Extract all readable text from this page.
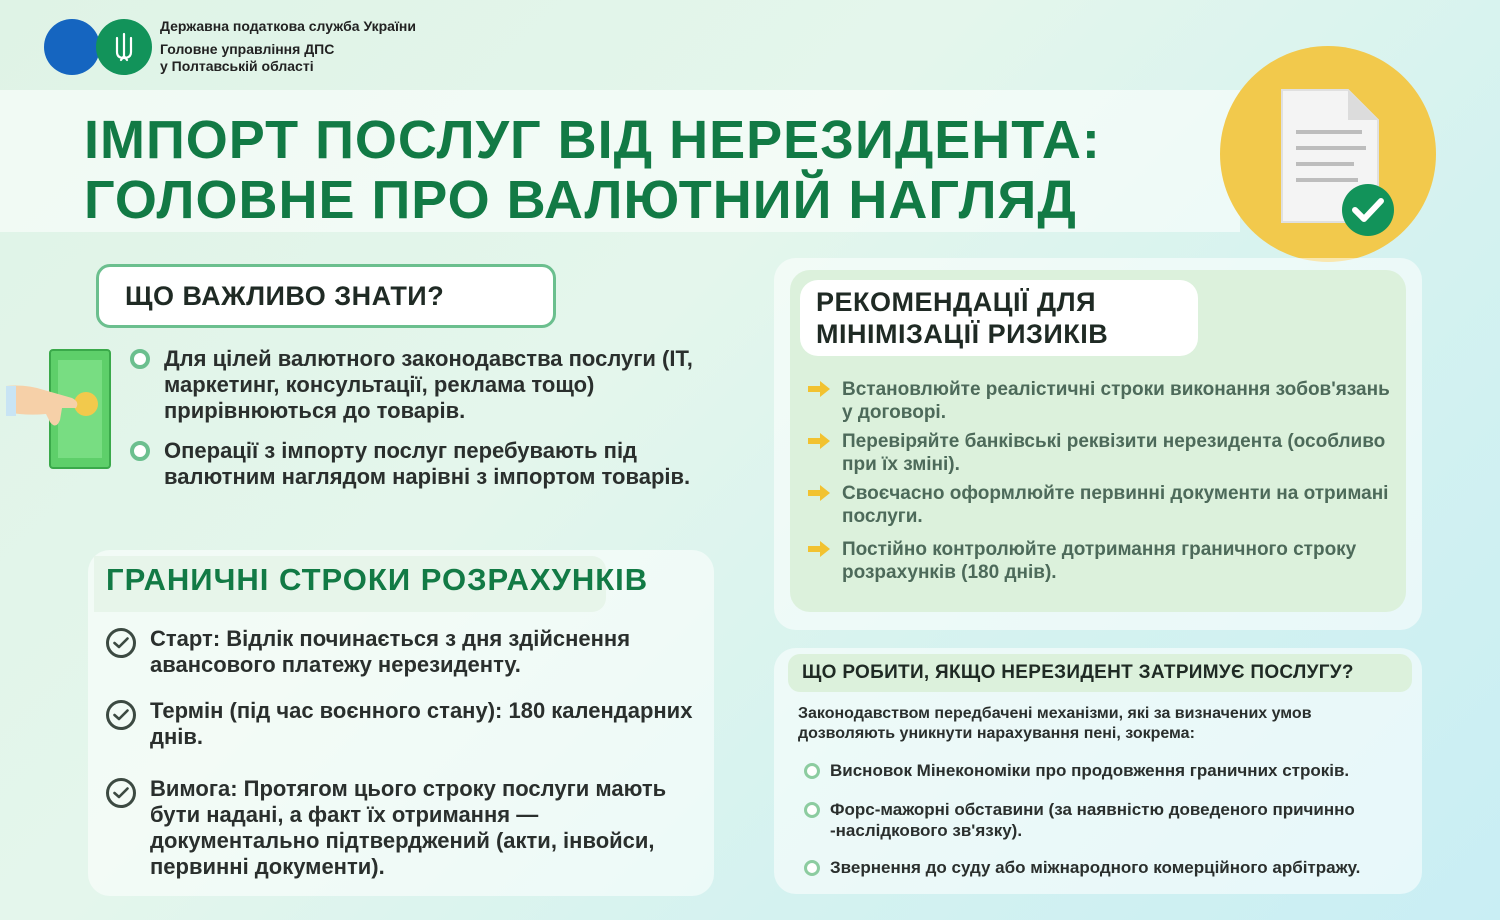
Державна податкова служба України
Головне управління ДПС
у Полтавській області
ІМПОРТ ПОСЛУГ ВІД НЕРЕЗИДЕНТА:
ГОЛОВНЕ ПРО ВАЛЮТНИЙ НАГЛЯД
ЩО ВАЖЛИВО ЗНАТИ?
Для цілей валютного законодавства послуги (ІТ, маркетинг, консультації, реклама тощо) прирівнюються до товарів.
Операції з імпорту послуг перебувають під валютним наглядом нарівні з імпортом товарів.
ГРАНИЧНІ СТРОКИ РОЗРАХУНКІВ
Старт: Відлік починається з дня здійснення авансового платежу нерезиденту.
Термін (під час воєнного стану): 180 календарних днів.
Вимога: Протягом цього строку послуги мають бути надані, а факт їх отримання — документально підтверджений (акти, інвойси, первинні документи).
РЕКОМЕНДАЦІЇ ДЛЯ
МІНІМІЗАЦІЇ РИЗИКІВ
Встановлюйте реалістичні строки виконання зобов'язань у договорі.
Перевіряйте банківські реквізити нерезидента (особливо при їх зміні).
Своєчасно оформлюйте первинні документи на отримані послуги.
Постійно контролюйте дотримання граничного строку розрахунків (180 днів).
ЩО РОБИТИ, ЯКЩО НЕРЕЗИДЕНТ ЗАТРИМУЄ ПОСЛУГУ?
Законодавством передбачені механізми, які за визначених умов дозволяють уникнути нарахування пені, зокрема:
Висновок Мінекономіки про продовження граничних строків.
Форс-мажорні обставини (за наявністю доведеного причинно -наслідкового зв'язку).
Звернення до суду або міжнародного комерційного арбітражу.
